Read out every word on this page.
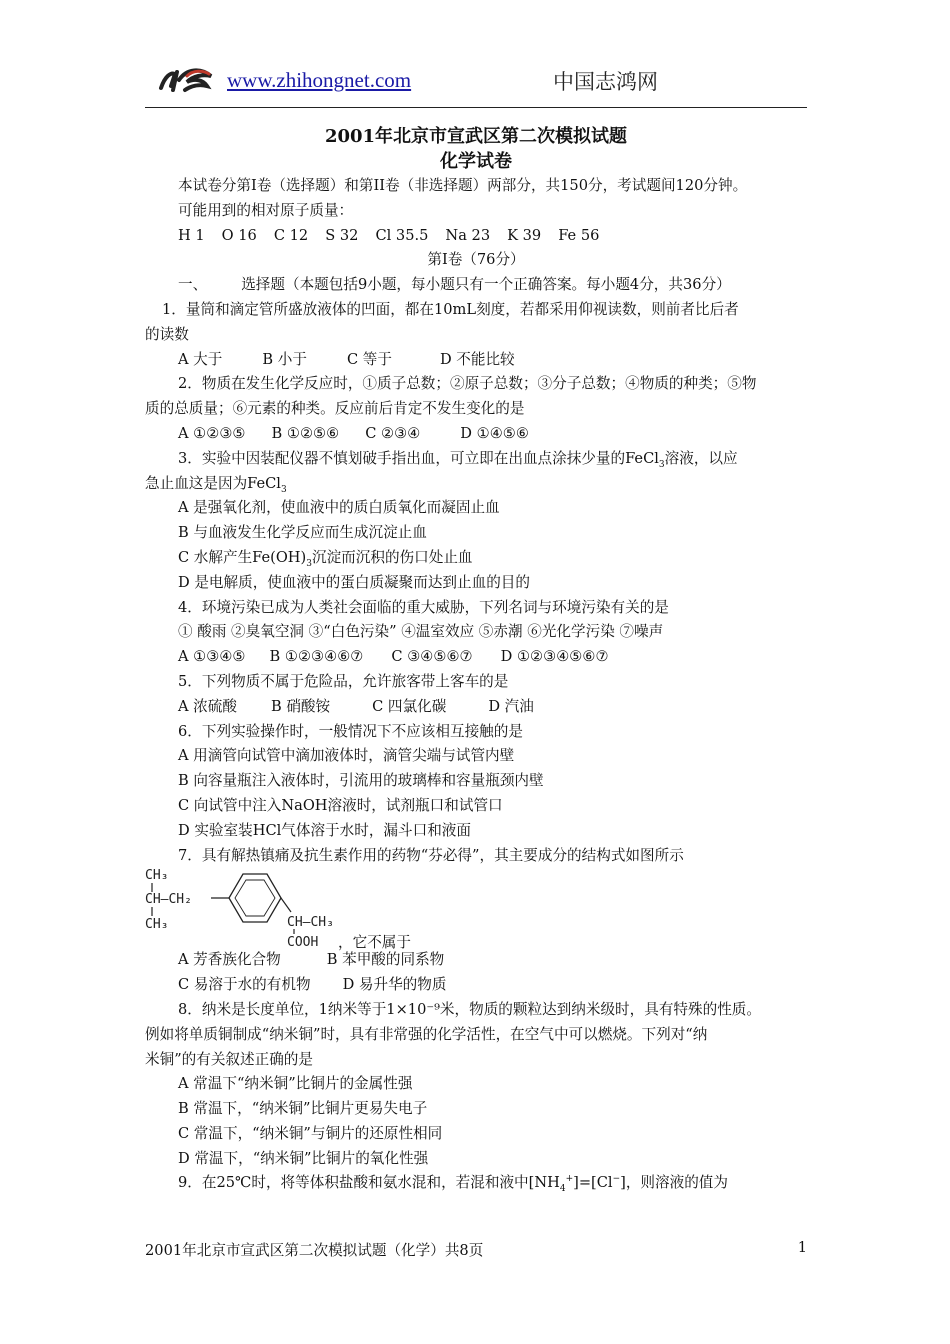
www.zhihongnet.com	中国志鸿网
2001年北京市宣武区第二次模拟试题
化学试卷
本试卷分第I卷（选择题）和第II卷（非选择题）两部分，共150分，考试题间120分钟。
可能用到的相对原子质量：
H 1 O 16 C 12 S 32 Cl 35.5 Na 23 K 39 Fe 56
第I卷（76分）
一、 选择题（本题包括9小题，每小题只有一个正确答案。每小题4分，共36分）
1．量筒和滴定管所盛放液体的凹面，都在10mL刻度，若都采用仰视读数，则前者比后者
的读数
A 大于	B 小于	C 等于	D 不能比较
2．物质在发生化学反应时，①质子总数；②原子总数；③分子总数；④物质的种类；⑤物
质的总质量；⑥元素的种类。反应前后肯定不发生变化的是
A ①②③⑤ B ①②⑤⑥ C ②③④	D ①④⑤⑥
3．实验中因装配仪器不慎划破手指出血，可立即在出血点涂抹少量的FeCl$_3$溶液，以应
急止血这是因为FeCl$_3$
A 是强氧化剂，使血液中的质白质氧化而凝固止血
B 与血液发生化学反应而生成沉淀止血
C 水解产生$Fe(OH)_3$沉淀而沉积的伤口处止血
D 是电解质，使血液中的蛋白质凝聚而达到止血的目的
4．环境污染已成为人类社会面临的重大威胁，下列名词与环境污染有关的是
① 酸雨 ②臭氧空洞 ③“白色污染” ④温室效应 ⑤赤潮 ⑥光化学污染 ⑦噪声
A ①③④⑤ B ①②③④⑥⑦ C ③④⑤⑥⑦ D ①②③④⑤⑥⑦
5．下列物质不属于危险品，允许旅客带上客车的是
A 浓硫酸 B 硝酸铵	C 四氯化碳	D 汽油
6．下列实验操作时，一般情况下不应该相互接触的是
A 用滴管向试管中滴加液体时，滴管尖端与试管内壁
B 向容量瓶注入液体时，引流用的玻璃棒和容量瓶颈内壁
C 向试管中注入NaOH溶液时，试剂瓶口和试管口
D 实验室装HCl气体溶于水时，漏斗口和液面
7．具有解热镇痛及抗生素作用的药物“芬必得”，其主要成分的结构式如图所示
CH₃
CH—CH₂
CH₃	CH—CH₃
COOH ，它不属于
A 芳香族化合物	B 苯甲酸的同系物
C 易溶于水的有机物 D 易升华的物质
8．纳米是长度单位，1纳米等于1×10⁻⁹米，物质的颗粒达到纳米级时，具有特殊的性质。
例如将单质铜制成“纳米铜”时，具有非常强的化学活性，在空气中可以燃烧。下列对“纳
米铜”的有关叙述正确的是
A 常温下“纳米铜”比铜片的金属性强
B 常温下，“纳米铜”比铜片更易失电子
C 常温下，“纳米铜”与铜片的还原性相同
D 常温下，“纳米铜”比铜片的氧化性强
9．在25℃时，将等体积盐酸和氨水混和，若混和液中$[NH_4^+]=[Cl^-]$，则溶液的值为
2001年北京市宣武区第二次模拟试题（化学）共8页	1
